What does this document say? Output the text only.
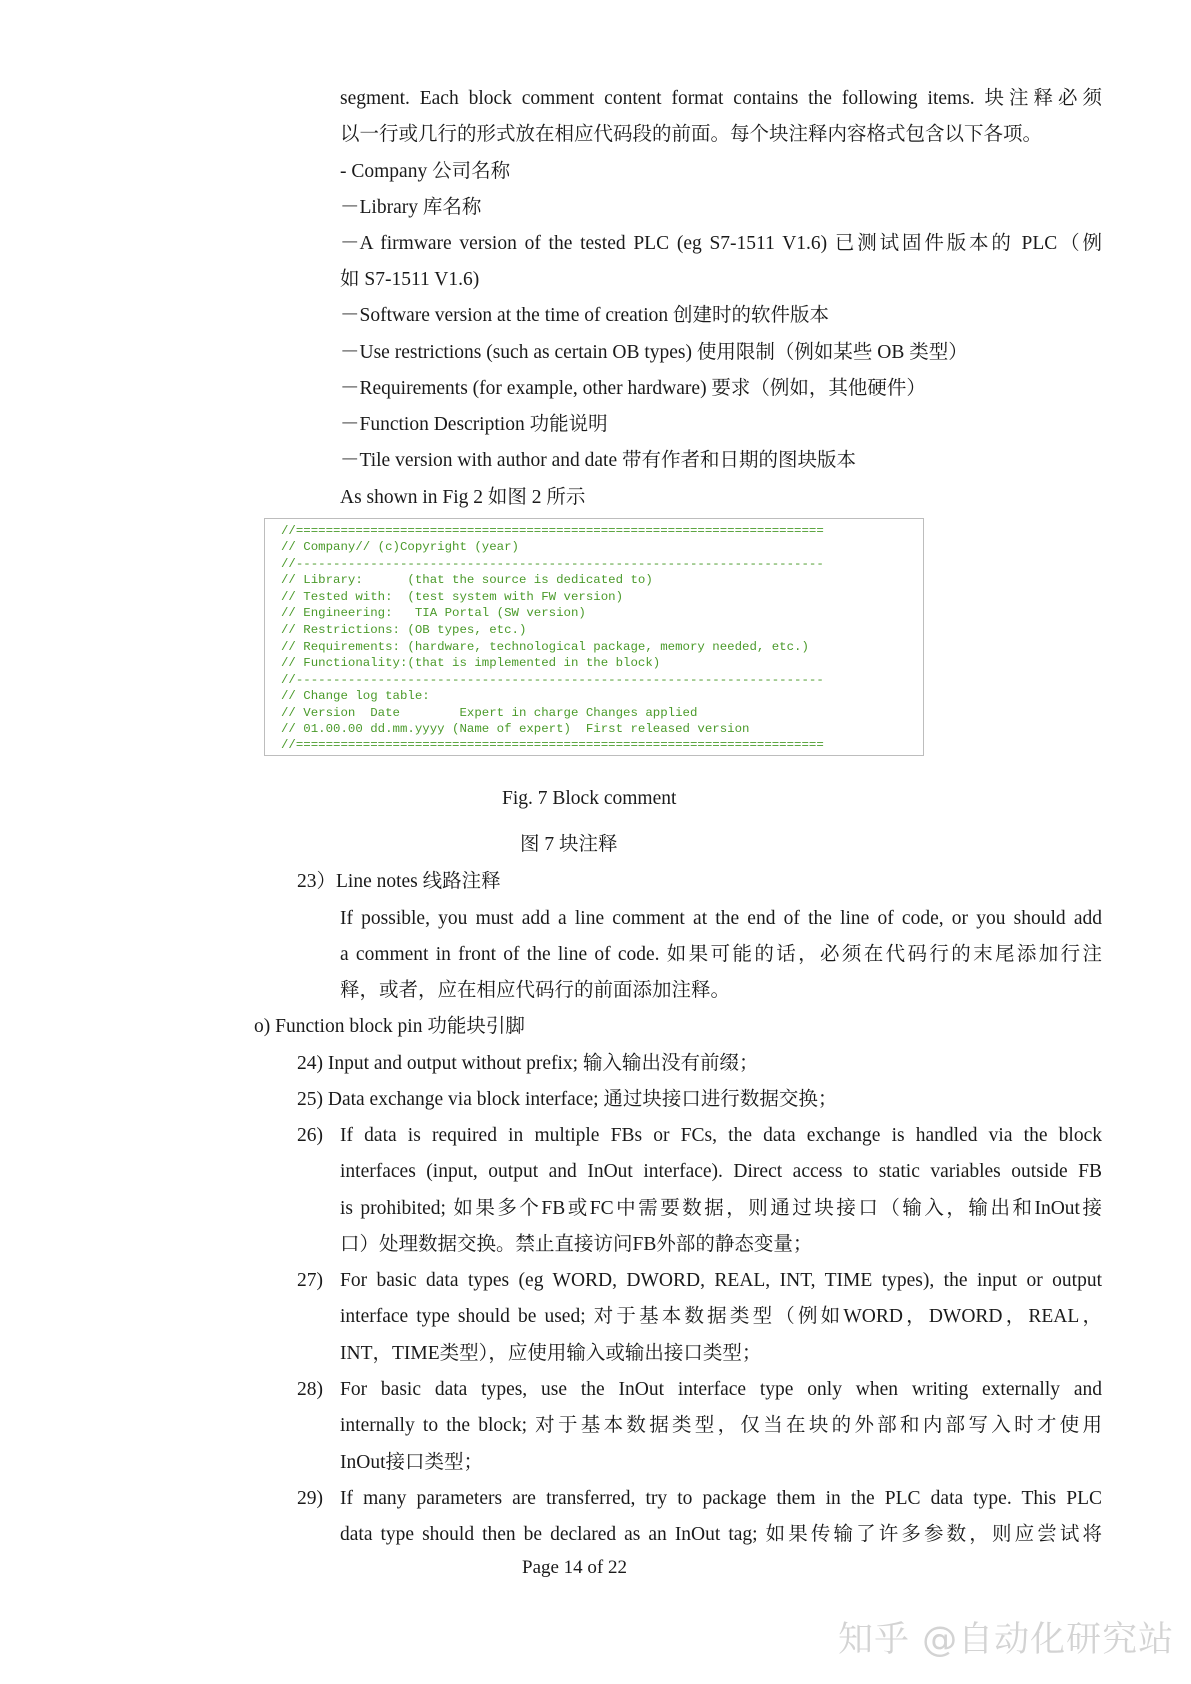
segment. Each block comment content format contains the following items. 块注释必须
以一行或几行的形式放在相应代码段的前面。每个块注释内容格式包含以下各项。
- Company 公司名称
－Library 库名称
－A firmware version of the tested PLC (eg S7-1511 V1.6) 已测试固件版本的 PLC（例
如 S7-1511 V1.6)
－Software version at the time of creation 创建时的软件版本
－Use restrictions (such as certain OB types) 使用限制（例如某些 OB 类型）
－Requirements (for example, other hardware) 要求（例如，其他硬件）
－Function Description 功能说明
－Tile version with author and date 带有作者和日期的图块版本
As shown in Fig 2 如图 2 所示
//=======================================================================
// Company// (c)Copyright (year)
//-----------------------------------------------------------------------
// Library:      (that the source is dedicated to)
// Tested with:  (test system with FW version)
// Engineering:   TIA Portal (SW version)
// Restrictions: (OB types, etc.)
// Requirements: (hardware, technological package, memory needed, etc.)
// Functionality:(that is implemented in the block)
//-----------------------------------------------------------------------
// Change log table:
// Version  Date        Expert in charge Changes applied
// 01.00.00 dd.mm.yyyy (Name of expert)  First released version
//=======================================================================
Fig. 7 Block comment
图 7 块注释
23）Line notes 线路注释
If possible, you must add a line comment at the end of the line of code, or you should add
a comment in front of the line of code. 如果可能的话，必须在代码行的末尾添加行注
释，或者，应在相应代码行的前面添加注释。
o) Function block pin 功能块引脚
24) Input and output without prefix; 输入输出没有前缀；
25) Data exchange via block interface; 通过块接口进行数据交换；
26) If data is required in multiple FBs or FCs, the data exchange is handled via the block
interfaces (input, output and InOut interface). Direct access to static variables outside FB
is prohibited; 如果多个FB或FC中需要数据，则通过块接口（输入，输出和InOut接
口）处理数据交换。禁止直接访问FB外部的静态变量；
27) For basic data types (eg WORD, DWORD, REAL, INT, TIME types), the input or output
interface type should be used; 对于基本数据类型（例如WORD，DWORD，REAL，
INT，TIME类型），应使用输入或输出接口类型；
28) For basic data types, use the InOut interface type only when writing externally and
internally to the block; 对于基本数据类型，仅当在块的外部和内部写入时才使用
InOut接口类型；
29) If many parameters are transferred, try to package them in the PLC data type. This PLC
data type should then be declared as an InOut tag; 如果传输了许多参数，则应尝试将
Page 14 of 22
知乎 @自动化研究站
